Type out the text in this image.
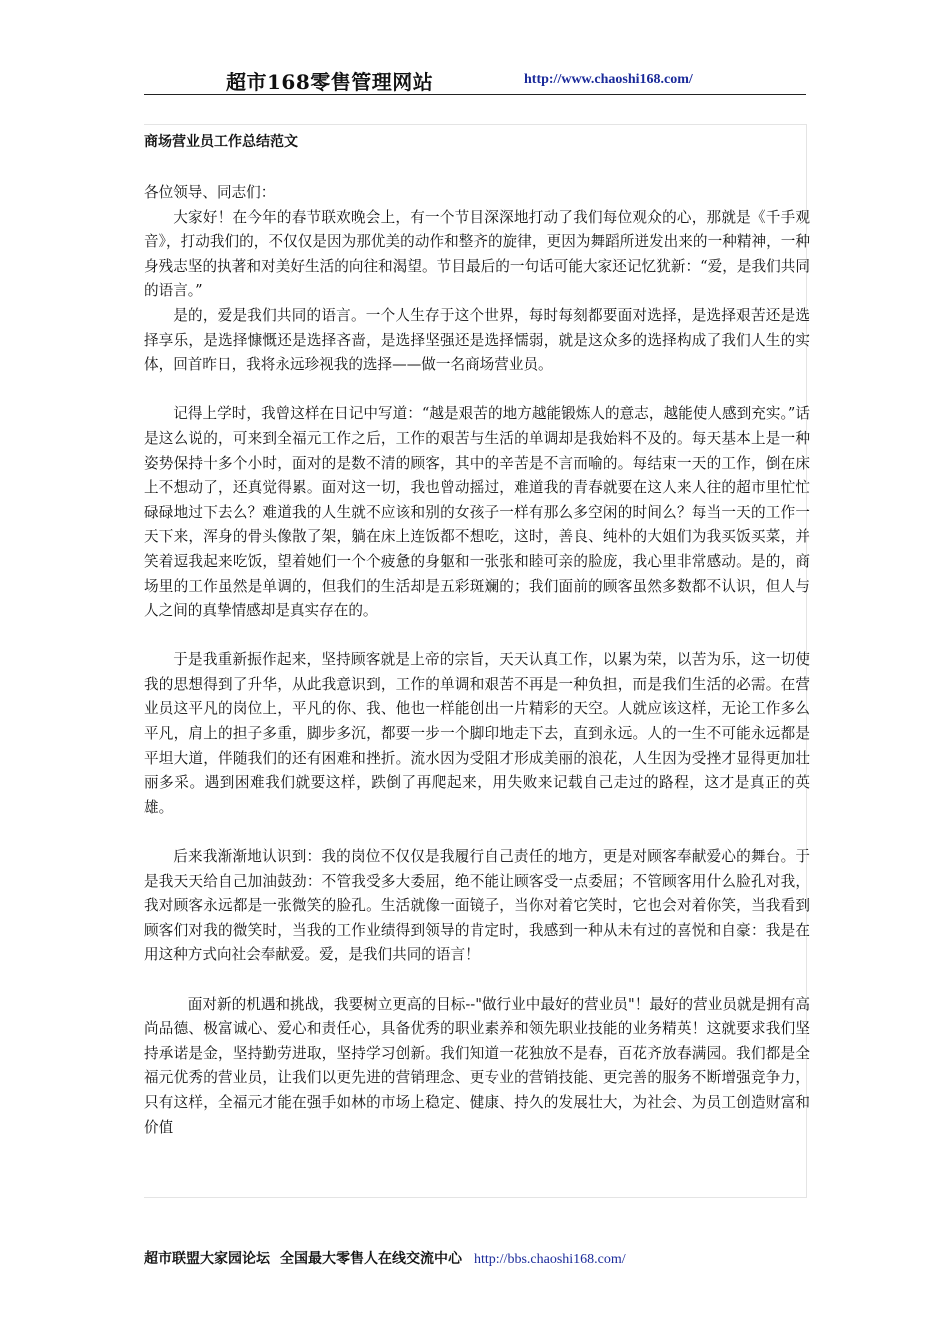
超市168零售管理网站	http://www.chaoshi168.com/
商场营业员工作总结范文

各位领导、同志们：

大家好！在今年的春节联欢晚会上，有一个节目深深地打动了我们每位观众的心，那就是《千手观音》，打动我们的，不仅仅是因为那优美的动作和整齐的旋律，更因为舞蹈所迸发出来的一种精神，一种身残志坚的执著和对美好生活的向往和渴望。节目最后的一句话可能大家还记忆犹新：“爱，是我们共同的语言。”

是的，爱是我们共同的语言。一个人生存于这个世界，每时每刻都要面对选择，是选择艰苦还是选择享乐，是选择慷慨还是选择吝啬，是选择坚强还是选择懦弱，就是这众多的选择构成了我们人生的实体，回首昨日，我将永远珍视我的选择——做一名商场营业员。

记得上学时，我曾这样在日记中写道：“越是艰苦的地方越能锻炼人的意志，越能使人感到充实。”话是这么说的，可来到全福元工作之后，工作的艰苦与生活的单调却是我始料不及的。每天基本上是一种姿势保持十多个小时，面对的是数不清的顾客，其中的辛苦是不言而喻的。每结束一天的工作，倒在床上不想动了，还真觉得累。面对这一切，我也曾动摇过，难道我的青春就要在这人来人往的超市里忙忙碌碌地过下去么？难道我的人生就不应该和别的女孩子一样有那么多空闲的时间么？每当一天的工作一天下来，浑身的骨头像散了架，躺在床上连饭都不想吃，这时，善良、纯朴的大姐们为我买饭买菜，并笑着逗我起来吃饭，望着她们一个个疲惫的身躯和一张张和睦可亲的脸庞，我心里非常感动。是的，商场里的工作虽然是单调的，但我们的生活却是五彩斑斓的；我们面前的顾客虽然多数都不认识，但人与人之间的真挚情感却是真实存在的。

于是我重新振作起来，坚持顾客就是上帝的宗旨，天天认真工作，以累为荣，以苦为乐，这一切使我的思想得到了升华，从此我意识到，工作的单调和艰苦不再是一种负担，而是我们生活的必需。在营业员这平凡的岗位上，平凡的你、我、他也一样能创出一片精彩的天空。人就应该这样，无论工作多么平凡，肩上的担子多重，脚步多沉，都要一步一个脚印地走下去，直到永远。人的一生不可能永远都是平坦大道，伴随我们的还有困难和挫折。流水因为受阻才形成美丽的浪花，人生因为受挫才显得更加壮丽多采。遇到困难我们就要这样，跌倒了再爬起来，用失败来记载自己走过的路程，这才是真正的英雄。

后来我渐渐地认识到：我的岗位不仅仅是我履行自己责任的地方，更是对顾客奉献爱心的舞台。于是我天天给自己加油鼓劲：不管我受多大委屈，绝不能让顾客受一点委屈；不管顾客用什么脸孔对我，我对顾客永远都是一张微笑的脸孔。生活就像一面镜子，当你对着它笑时，它也会对着你笑，当我看到顾客们对我的微笑时，当我的工作业绩得到领导的肯定时，我感到一种从未有过的喜悦和自豪：我是在用这种方式向社会奉献爱。爱，是我们共同的语言！

面对新的机遇和挑战，我要树立更高的目标--"做行业中最好的营业员"！最好的营业员就是拥有高尚品德、极富诚心、爱心和责任心，具备优秀的职业素养和领先职业技能的业务精英！这就要求我们坚持承诺是金，坚持勤劳进取，坚持学习创新。我们知道一花独放不是春，百花齐放春满园。我们都是全福元优秀的营业员，让我们以更先进的营销理念、更专业的营销技能、更完善的服务不断增强竞争力，只有这样，全福元才能在强手如林的市场上稳定、健康、持久的发展壮大，为社会、为员工创造财富和价值

超市联盟大家园论坛 全国最大零售人在线交流中心 http://bbs.chaoshi168.com/
